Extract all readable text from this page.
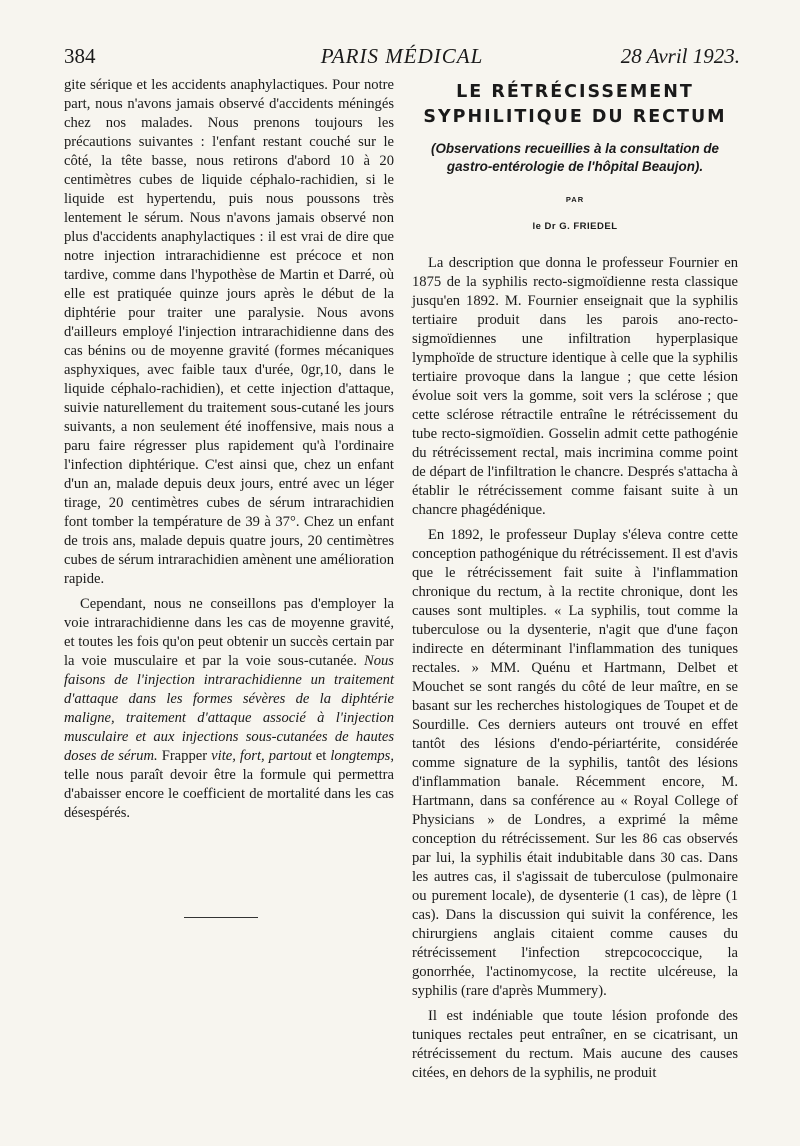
384	PARIS MÉDICAL	28 Avril 1923.

gite sérique et les accidents anaphylactiques. Pour notre part, nous n'avons jamais observé d'accidents méningés chez nos malades. Nous prenons toujours les précautions suivantes : l'enfant restant couché sur le côté, la tête basse, nous retirons d'abord 10 à 20 centimètres cubes de liquide céphalo-rachidien, si le liquide est hypertendu, puis nous poussons très lentement le sérum. Nous n'avons jamais observé non plus d'accidents anaphylactiques : il est vrai de dire que notre injection intrarachidienne est précoce et non tardive, comme dans l'hypothèse de Martin et Darré, où elle est pratiquée quinze jours après le début de la diphtérie pour traiter une paralysie. Nous avons d'ailleurs employé l'injection intrarachidienne dans des cas bénins ou de moyenne gravité (formes mécaniques asphyxiques, avec faible taux d'urée, 0gr,10, dans le liquide céphalo-rachidien), et cette injection d'attaque, suivie naturellement du traitement sous-cutané les jours suivants, a non seulement été inoffensive, mais nous a paru faire régresser plus rapidement qu'à l'ordinaire l'infection diphtérique. C'est ainsi que, chez un enfant d'un an, malade depuis deux jours, entré avec un léger tirage, 20 centimètres cubes de sérum intrarachidien font tomber la température de 39 à 37°. Chez un enfant de trois ans, malade depuis quatre jours, 20 centimètres cubes de sérum intrarachidien amènent une amélioration rapide.

Cependant, nous ne conseillons pas d'employer la voie intrarachidienne dans les cas de moyenne gravité, et toutes les fois qu'on peut obtenir un succès certain par la voie musculaire et par la voie sous-cutanée. Nous faisons de l'injection intrarachidienne un traitement d'attaque dans les formes sévères de la diphtérie maligne, traitement d'attaque associé à l'injection musculaire et aux injections sous-cutanées de hautes doses de sérum. Frapper vite, fort, partout et longtemps, telle nous paraît devoir être la formule qui permettra d'abaisser encore le coefficient de mortalité dans les cas désespérés.

LE RÉTRÉCISSEMENT
SYPHILITIQUE DU RECTUM
(Observations recueillies à la consultation de gastro-entérologie de l'hôpital Beaujon).
PAR
le Dr G. FRIEDEL

La description que donna le professeur Fournier en 1875 de la syphilis recto-sigmoïdienne resta classique jusqu'en 1892. M. Fournier enseignait que la syphilis tertiaire produit dans les parois ano-recto-sigmoïdiennes une infiltration hyperplasique lymphoïde de structure identique à celle que la syphilis tertiaire provoque dans la langue ; que cette lésion évolue soit vers la gomme, soit vers la sclérose ; que cette sclérose rétractile entraîne le rétrécissement du tube recto-sigmoïdien. Gosselin admit cette pathogénie du rétrécissement rectal, mais incrimina comme point de départ de l'infiltration le chancre. Després s'attacha à établir le rétrécissement comme faisant suite à un chancre phagédénique.

En 1892, le professeur Duplay s'éleva contre cette conception pathogénique du rétrécissement. Il est d'avis que le rétrécissement fait suite à l'inflammation chronique du rectum, à la rectite chronique, dont les causes sont multiples. « La syphilis, tout comme la tuberculose ou la dysenterie, n'agit que d'une façon indirecte en déterminant l'inflammation des tuniques rectales. » MM. Quénu et Hartmann, Delbet et Mouchet se sont rangés du côté de leur maître, en se basant sur les recherches histologiques de Toupet et de Sourdille. Ces derniers auteurs ont trouvé en effet tantôt des lésions d'endo-périartérite, considérée comme signature de la syphilis, tantôt des lésions d'inflammation banale. Récemment encore, M. Hartmann, dans sa conférence au « Royal College of Physicians » de Londres, a exprimé la même conception du rétrécissement. Sur les 86 cas observés par lui, la syphilis était indubitable dans 30 cas. Dans les autres cas, il s'agissait de tuberculose (pulmonaire ou purement locale), de dysenterie (1 cas), de lèpre (1 cas). Dans la discussion qui suivit la conférence, les chirurgiens anglais citaient comme causes du rétrécissement l'infection strepcococcique, la gonorrhée, l'actinomycose, la rectite ulcéreuse, la syphilis (rare d'après Mummery).

Il est indéniable que toute lésion profonde des tuniques rectales peut entraîner, en se cicatrisant, un rétrécissement du rectum. Mais aucune des causes citées, en dehors de la syphilis, ne produit
